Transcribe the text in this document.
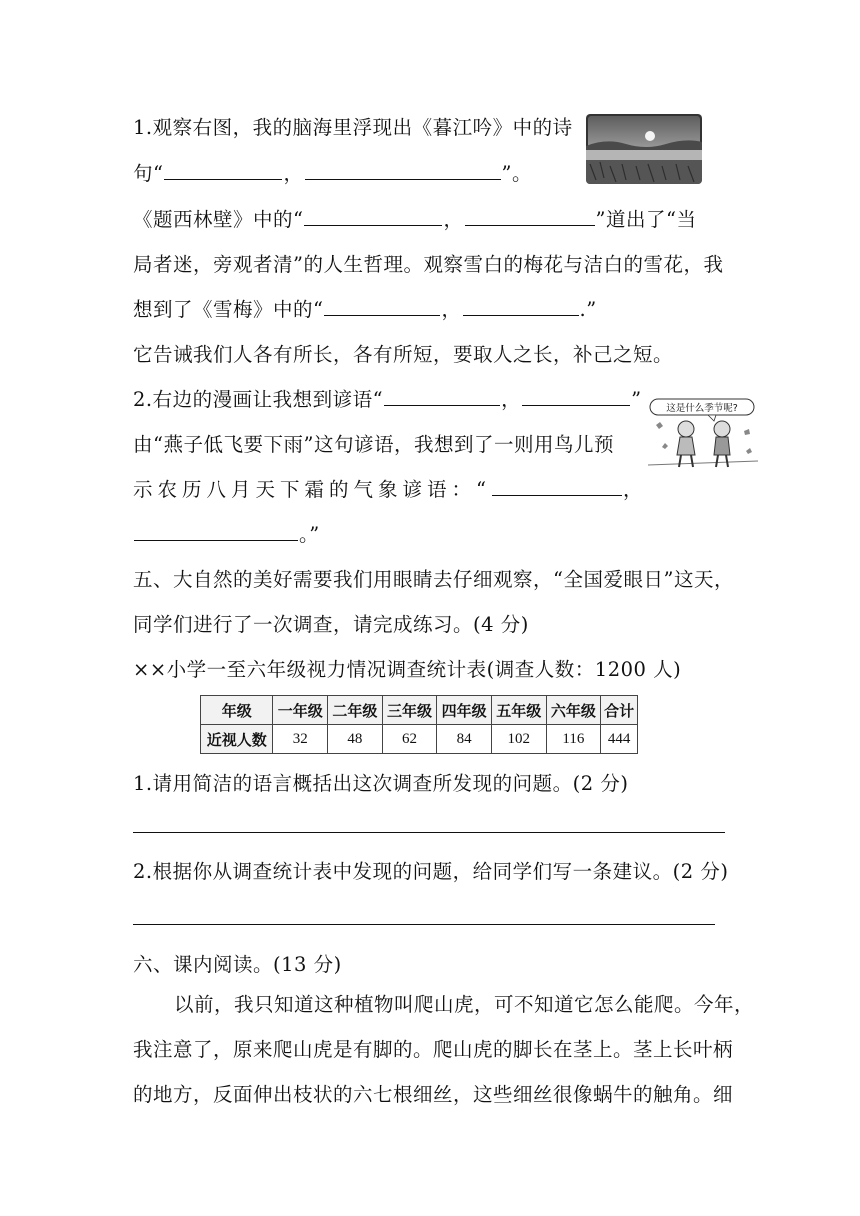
1.观察右图，我的脑海里浮现出《暮江吟》中的诗
句“	，	”。
《题西林壁》中的“	，	”道出了“当
局者迷，旁观者清”的人生哲理。观察雪白的梅花与洁白的雪花，我
想到了《雪梅》中的“	，	.”
它告诫我们人各有所长，各有所短，要取人之长，补己之短。
2.右边的漫画让我想到谚语“	，	”
由“燕子低飞要下雨”这句谚语，我想到了一则用鸟儿预
示农历八月天下霜的气象谚语：“	，
。”
这是什么季节呢?
五、大自然的美好需要我们用眼睛去仔细观察，“全国爱眼日”这天，
同学们进行了一次调查，请完成练习。(4 分)
××小学一至六年级视力情况调查统计表(调查人数：1200 人)
年级	一年级	二年级	三年级	四年级	五年级	六年级	合计
近视人数	32	48	62	84	102	116	444
1.请用简洁的语言概括出这次调查所发现的问题。(2 分)
2.根据你从调查统计表中发现的问题，给同学们写一条建议。(2 分)
六、课内阅读。(13 分)
以前，我只知道这种植物叫爬山虎，可不知道它怎么能爬。今年，
我注意了，原来爬山虎是有脚的。爬山虎的脚长在茎上。茎上长叶柄
的地方，反面伸出枝状的六七根细丝，这些细丝很像蜗牛的触角。细
